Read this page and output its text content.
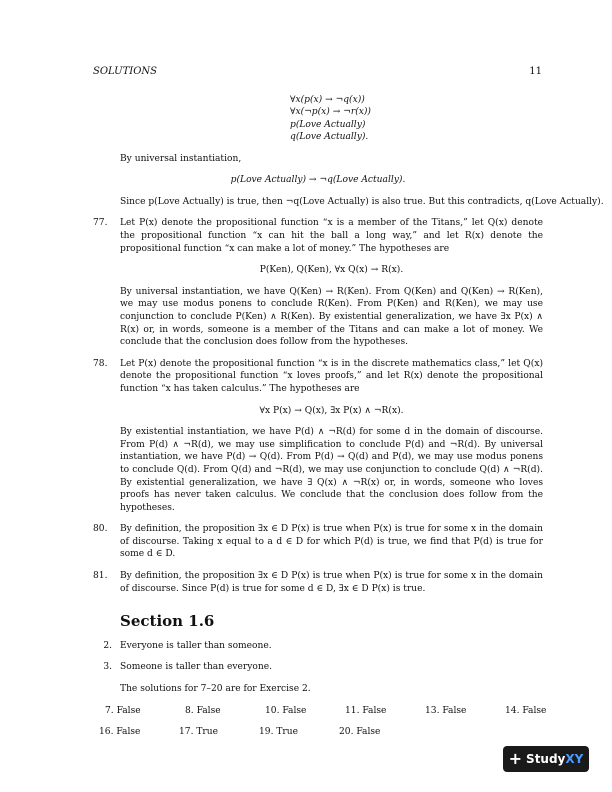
SOLUTIONS	11
∀x(p(x) → ¬q(x))
∀x(¬p(x) → ¬r(x))
p(Love Actually)
q(Love Actually).

By universal instantiation,

p(Love Actually) → ¬q(Love Actually).

Since p(Love Actually) is true, then ¬q(Love Actually) is also true. But this contradicts, q(Love Actually).

77.	Let P(x) denote the propositional function “x is a member of the Titans,” let Q(x) denote the propositional function “x can hit the ball a long way,” and let R(x) denote the propositional function “x can make a lot of money.” The hypotheses are

P(Ken), Q(Ken), ∀x Q(x) → R(x).

By universal instantiation, we have Q(Ken) → R(Ken). From Q(Ken) and Q(Ken) → R(Ken), we may use modus ponens to conclude R(Ken). From P(Ken) and R(Ken), we may use conjunction to conclude P(Ken) ∧ R(Ken). By existential generalization, we have ∃x P(x) ∧ R(x) or, in words, someone is a member of the Titans and can make a lot of money. We conclude that the conclusion does follow from the hypotheses.

78.	Let P(x) denote the propositional function “x is in the discrete mathematics class,” let Q(x) denote the propositional function “x loves proofs,” and let R(x) denote the propositional function “x has taken calculus.” The hypotheses are

∀x P(x) → Q(x), ∃x P(x) ∧ ¬R(x).

By existential instantiation, we have P(d) ∧ ¬R(d) for some d in the domain of discourse. From P(d) ∧ ¬R(d), we may use simplification to conclude P(d) and ¬R(d). By universal instantiation, we have P(d) → Q(d). From P(d) → Q(d) and P(d), we may use modus ponens to conclude Q(d). From Q(d) and ¬R(d), we may use conjunction to conclude Q(d) ∧ ¬R(d). By existential generalization, we have ∃ Q(x) ∧ ¬R(x) or, in words, someone who loves proofs has never taken calculus. We conclude that the conclusion does follow from the hypotheses.

80.	By definition, the proposition ∃x ∈ D P(x) is true when P(x) is true for some x in the domain of discourse. Taking x equal to a d ∈ D for which P(d) is true, we find that P(d) is true for some d ∈ D.

81.	By definition, the proposition ∃x ∈ D P(x) is true when P(x) is true for some x in the domain of discourse. Since P(d) is true for some d ∈ D, ∃x ∈ D P(x) is true.

Section 1.6
2. Everyone is taller than someone.
3. Someone is taller than everyone.

The solutions for 7–20 are for Exercise 2.

7. False	8. False	10. False	11. False	13. False	14. False
16. False	17. True	19. True	20. False
+ StudyXY
